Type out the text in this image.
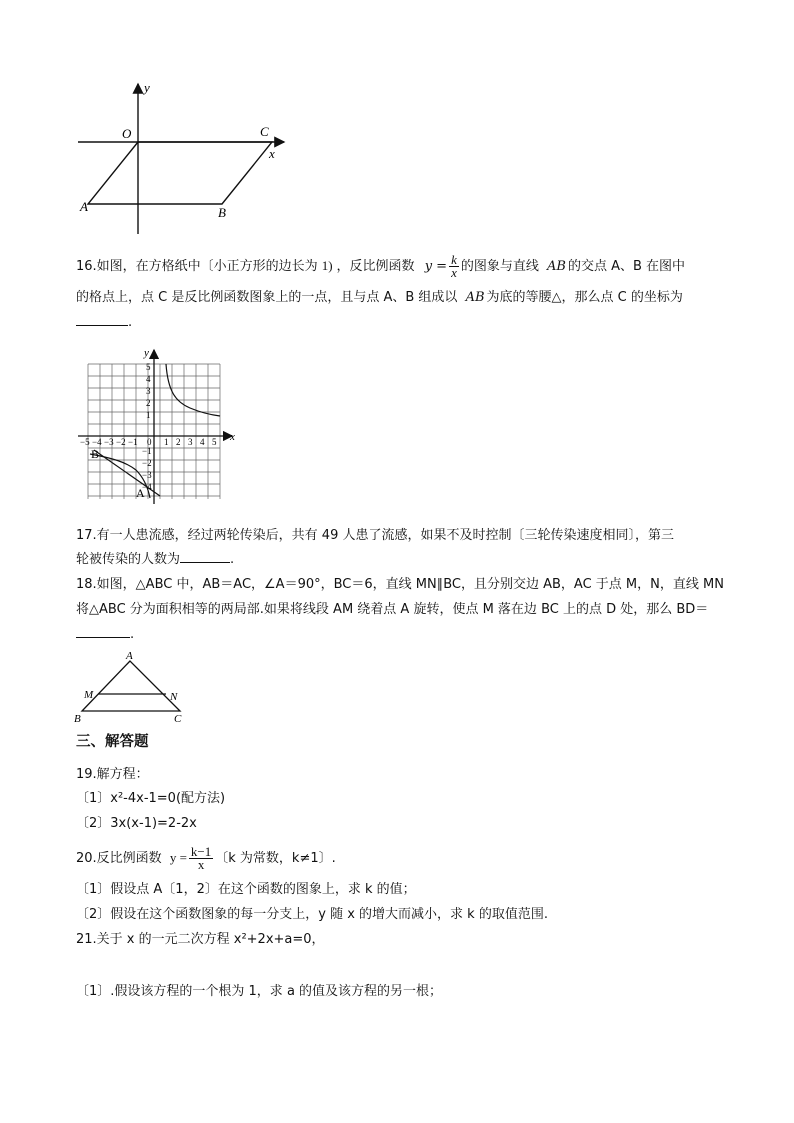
y
O	C
x
A	B
16.如图，在方格纸中〔小正方形的边长为 1) ，反比例函数 $y = \frac{k}{x}$ 的图象与直线 AB 的交点 A、B 在图中
的格点上，点 C 是反比例函数图象上的一点，且与点 A、B 组成以 AB 为底的等腰△，那么点 C 的坐标为
.
y
x
0
−5 −4 −3 −2 −1	1 2 3 4 5
5
4
3
2
1
−1
−2
−3
−4
B
A
17.有一人患流感，经过两轮传染后，共有 49 人患了流感，如果不及时控制〔三轮传染速度相同〕，第三
轮被传染的人数为	.
18.如图，△ABC 中，AB＝AC，∠A＝90°，BC＝6，直线 MN∥BC，且分别交边 AB，AC 于点 M，N，直线 MN
将△ABC 分为面积相等的两局部.如果将线段 AM 绕着点 A 旋转，使点 M 落在边 BC 上的点 D 处，那么 BD＝
.
A
M	N
B	C
三、解答题
19.解方程：
〔1〕x²-4x-1=0(配方法)
〔2〕3x(x-1)=2-2x
20.反比例函数 $y = \frac{k-1}{x}$ 〔k 为常数，k≠1〕.
〔1〕假设点 A〔1，2〕在这个函数的图象上，求 k 的值；
〔2〕假设在这个函数图象的每一分支上，y 随 x 的增大而减小，求 k 的取值范围.
21.关于 x 的一元二次方程 x²+2x+a=0，
〔1〕.假设该方程的一个根为 1，求 a 的值及该方程的另一根；
